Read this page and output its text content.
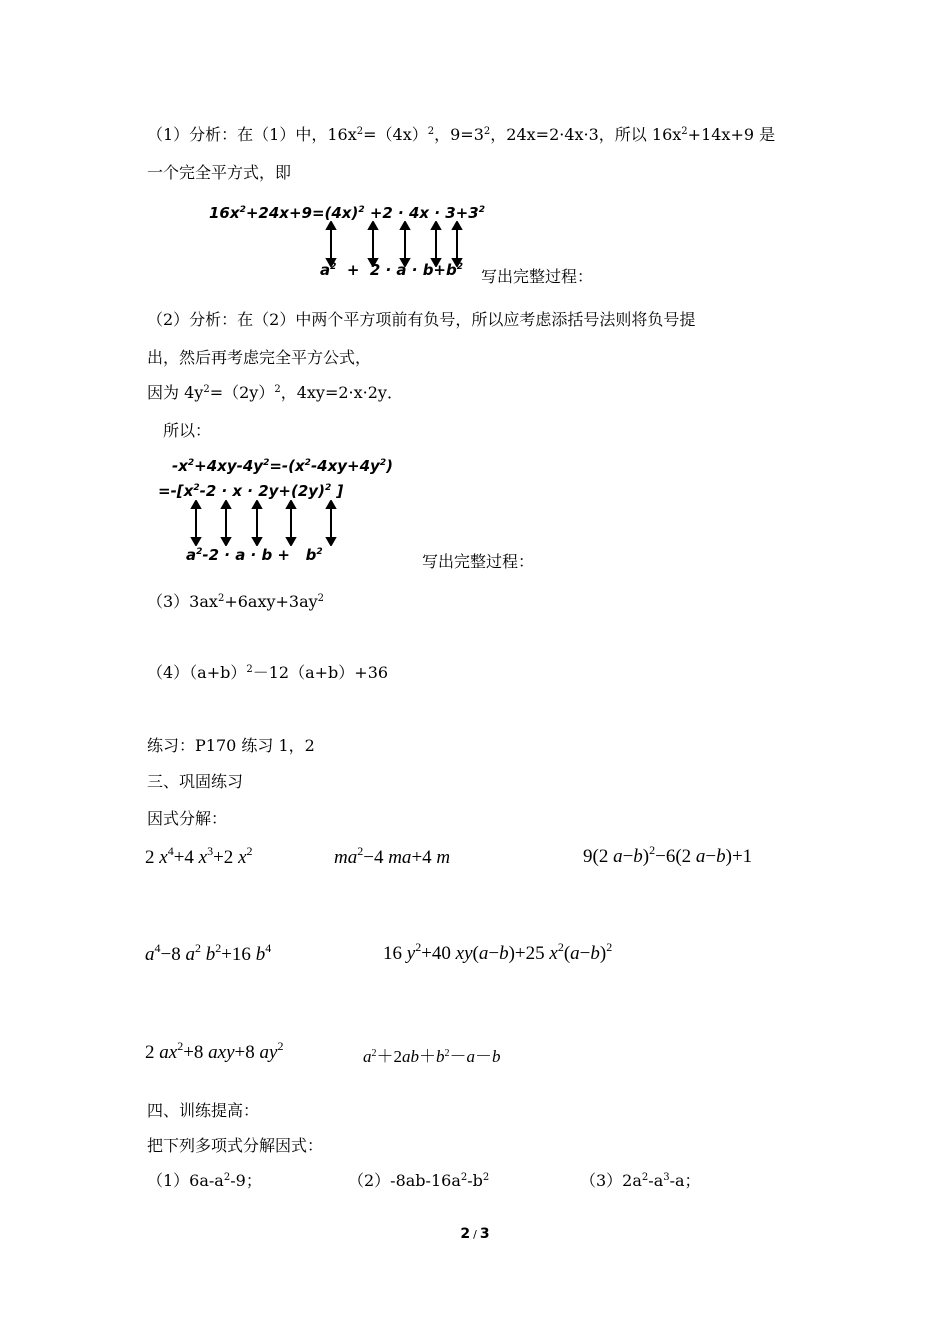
（1）分析：在（1）中，$16x^2=(4x)^2$，$9=3^2$，24x=2·4x·3，所以 $16x^2+14x+9$ 是
一个完全平方式，即
$16x^2+24x+9=(4x)^2 +2 \cdot 4x \cdot 3+3^2$
$a^2 + 2 \cdot a \cdot b+b^2$ 写出完整过程：
（2）分析：在（2）中两个平方项前有负号，所以应考虑添括号法则将负号提
出，然后再考虑完全平方公式，
因为 $4y^2=(2y)^2$，4xy=2·x·2y．
所以：
$-x^2+4xy-4y^2=-(x^2-4xy+4y^2)$
$=-[x^2-2 \cdot x \cdot 2y+(2y)^2$ ]
$a^2-2 \cdot a \cdot b + b^2$	写出完整过程：
$(3)3ax^2+6axy+3ay^2$
$(4)(a+b)^2-12(a+b)+36$
练习：P170 练习 1，2
三、巩固练习
因式分解：
2 $x^4+4$ $x^3+2$ $x^2$	$ma^2-4$ ma+4 m	9(2 a−b)$^2$−6(2 a−b)+1
$a^4-8$ $a^2$ $b^2+16$ $b^4$	16 $y^2+40$ xy(a−b)+25 $x^2(a-b)^2$
2 $ax^2+8$ axy+8 $ay^2$
$a^2+2ab+b^2-a-b$
四、训练提高：
把下列多项式分解因式：
$(1)6a-a^2-9$；	$(2)-8ab-16a^2-b^2$	$(3)2a^2-a^3-a$；
2 / 3
